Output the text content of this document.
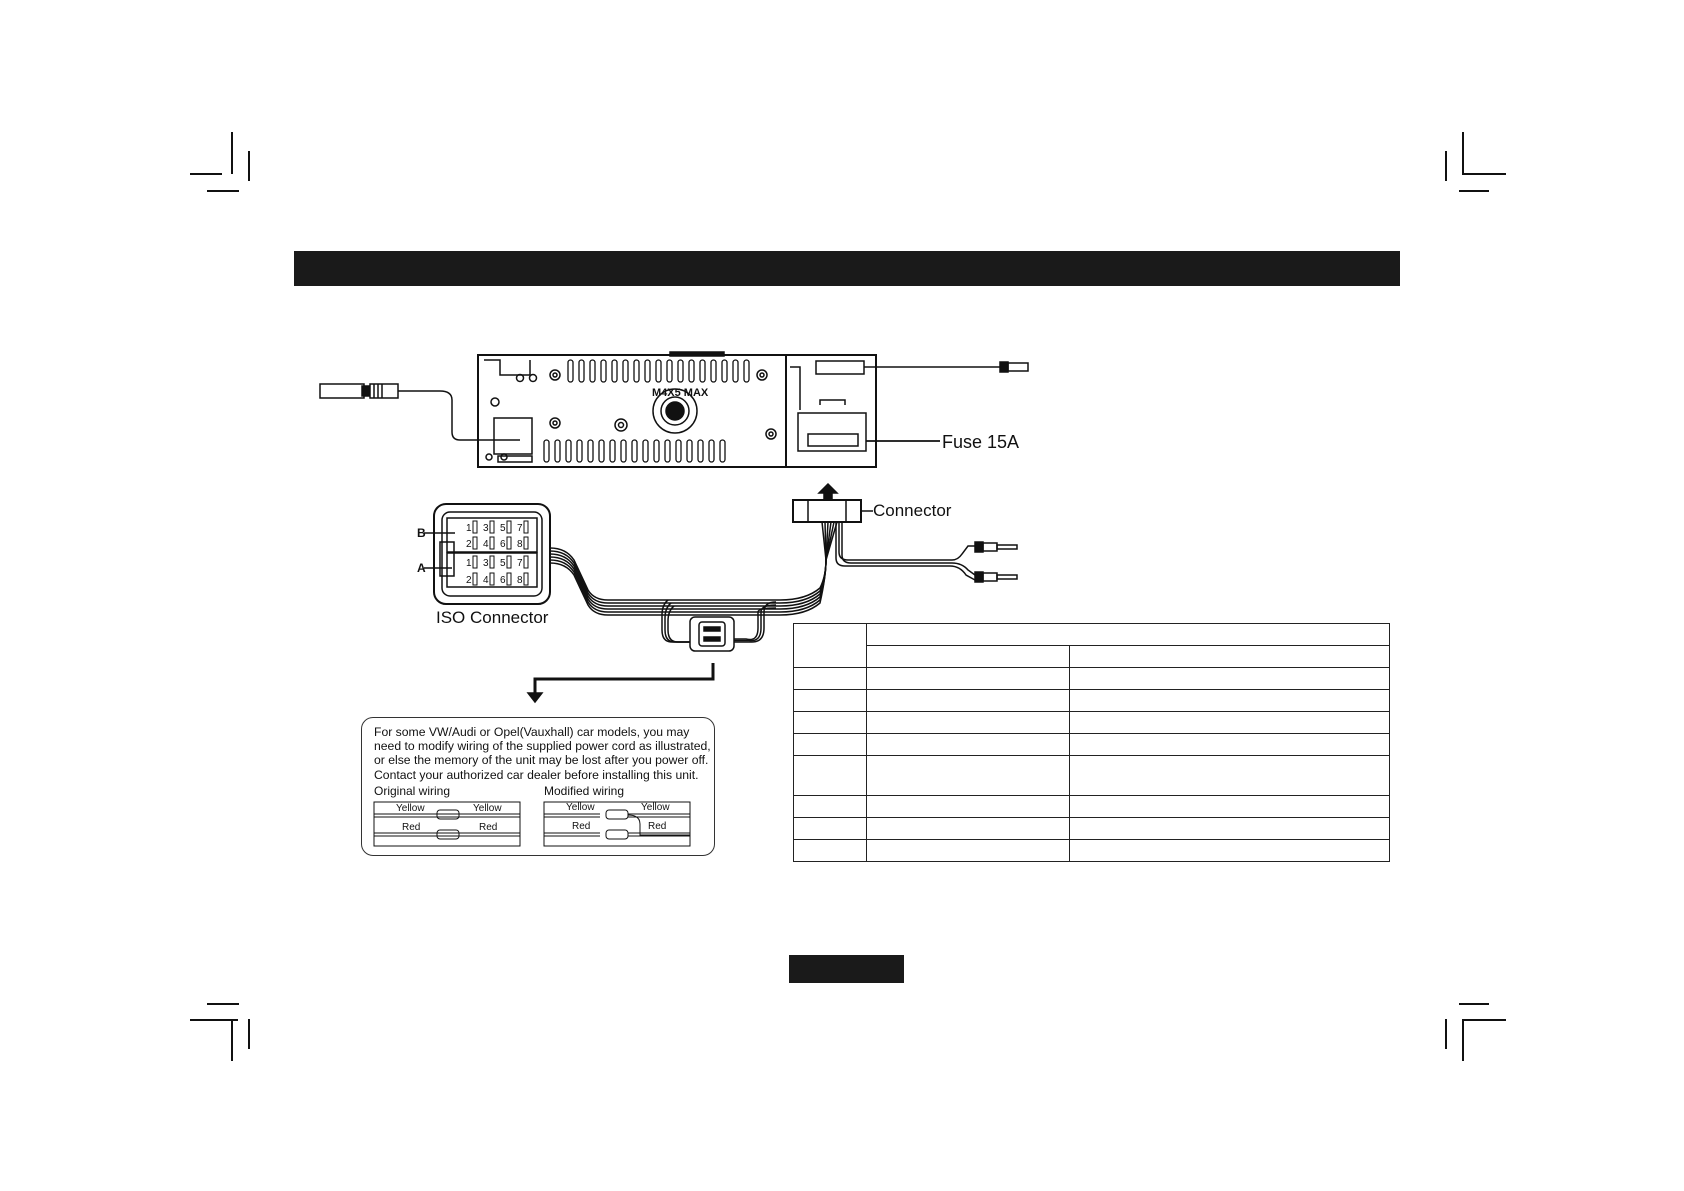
M4X5 MAX
1 3 5 7
2 4 6 8
1 3 5 7
2 4 6 8
Fuse 15A
Connector
ISO Connector
B
A
For some VW/Audi or Opel(Vauxhall) car models, you may
need to modify wiring of the supplied power cord as illustrated,
or else the memory of the unit may be lost after you power off.
Contact your authorized car dealer before installing this unit.
Original wiring	Modified wiring
Yellow	Yellow
Red	Red
Yellow	Yellow
Red	Red
